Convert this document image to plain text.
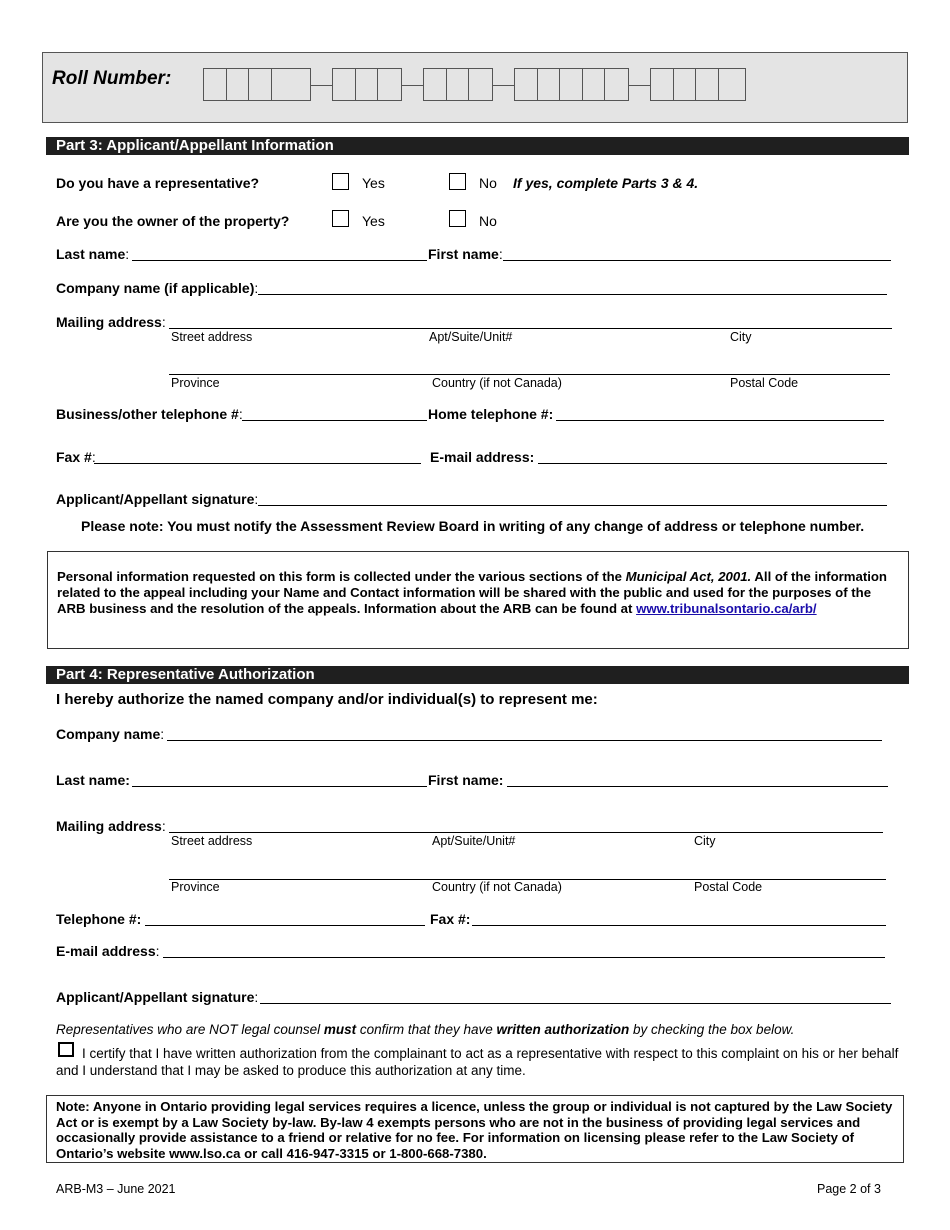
Roll Number:
Part 3: Applicant/Appellant Information
Do you have a representative?	Yes	No If yes, complete Parts 3 & 4.
Are you the owner of the property?	Yes	No
Last name:	First name:
Company name (if applicable):
Mailing address:
Street address	Apt/Suite/Unit#	City
Province	Country (if not Canada)	Postal Code
Business/other telephone #:	Home telephone #:
Fax #:	E-mail address:
Applicant/Appellant signature:
Please note: You must notify the Assessment Review Board in writing of any change of address or telephone number.

Personal information requested on this form is collected under the various sections of the Municipal Act, 2001. All of the information related to the appeal including your Name and Contact information will be shared with the public and used for the purposes of the ARB business and the resolution of the appeals. Information about the ARB can be found at www.tribunalsontario.ca/arb/

Part 4: Representative Authorization
I hereby authorize the named company and/or individual(s) to represent me:
Company name:
Last name:	First name:
Mailing address:
Street address	Apt/Suite/Unit#	City
Province	Country (if not Canada)	Postal Code
Telephone #:	Fax #:
E-mail address:
Applicant/Appellant signature:
Representatives who are NOT legal counsel must confirm that they have written authorization by checking the box below.
I certify that I have written authorization from the complainant to act as a representative with respect to this complaint on his or her behalf and I understand that I may be asked to produce this authorization at any time.

Note: Anyone in Ontario providing legal services requires a licence, unless the group or individual is not captured by the Law Society Act or is exempt by a Law Society by-law. By-law 4 exempts persons who are not in the business of providing legal services and occasionally provide assistance to a friend or relative for no fee. For information on licensing please refer to the Law Society of Ontario’s website www.lso.ca or call 416-947-3315 or 1-800-668-7380.

ARB-M3 – June 2021	Page 2 of 3
